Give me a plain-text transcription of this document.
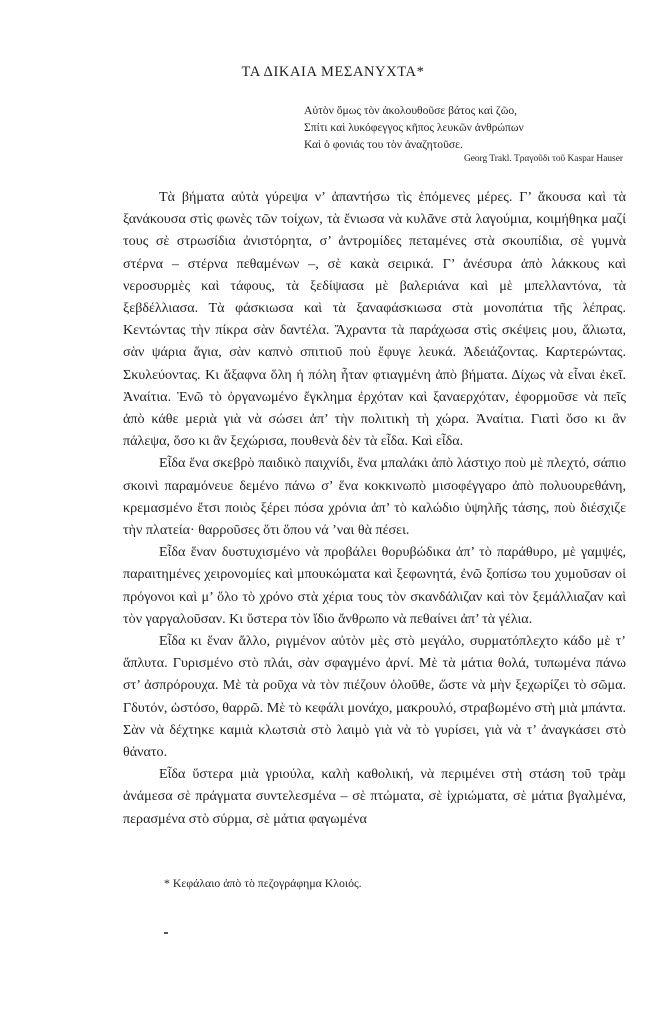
ΤΑ ΔΙΚΑΙΑ ΜΕΣΑΝΥΧΤΑ*
Αὐτὸν ὅμως τὸν ἀκολουθοῦσε βάτος καὶ ζῶο,
Σπίτι καὶ λυκόφεγγος κῆπος λευκῶν ἀνθρώπων
Καὶ ὁ φονιάς του τὸν ἀναζητοῦσε.
Georg Trakl. Τραγοῦδι τοῦ Kaspar Hauser

Τὰ βήματα αὐτὰ γύρεψα ν’ ἀπαντήσω τὶς ἑπόμενες μέρες. Γ’ ἄκουσα καὶ τὰ ξανάκουσα στὶς φωνὲς τῶν τοίχων, τὰ ἔνιωσα νὰ κυλᾶνε στὰ λαγούμια, κοιμήθηκα μαζί τους σὲ στρωσίδια ἀνιστόρητα, σ’ ἀντρομίδες πεταμένες στὰ σκουπίδια, σὲ γυμνὰ στέρνα – στέρνα πεθαμένων –, σὲ κακὰ σειρικά. Γ’ ἀνέσυρα ἀπὸ λάκκους καὶ νεροσυρμὲς καὶ τάφους, τὰ ξεδίψασα μὲ βαλεριάνα καὶ μὲ μπελλαντόνα, τὰ ξεβδέλλιασα. Τὰ φάσκιωσα καὶ τὰ ξαναφάσκιωσα στὰ μονοπάτια τῆς λέπρας. Κεντώντας τὴν πίκρα σὰν δαντέλα. Ἄχραντα τὰ παράχωσα στὶς σκέψεις μου, ἅλιωτα, σὰν ψάρια ἅγια, σὰν καπνὸ σπιτιοῦ ποὺ ἔφυγε λευκά. Ἀδειάζοντας. Καρτερώντας. Σκυλεύοντας. Κι ἄξαφνα ὅλη ἡ πόλη ἦταν φτιαγμένη ἀπὸ βήματα. Δίχως νὰ εἶναι ἐκεῖ. Ἀναίτια. Ἐνῶ τὸ ὀργανωμένο ἔγκλημα ἐρχόταν καὶ ξαναερχόταν, ἐφορμοῦσε νὰ πεῖς ἀπὸ κάθε μεριὰ γιὰ νὰ σώσει ἀπ’ τὴν πολιτικὴ τὴ χώρα. Ἀναίτια. Γιατὶ ὅσο κι ἂν πάλεψα, ὅσο κι ἂν ξεχώρισα, πουθενὰ δὲν τὰ εἶδα. Καὶ εἶδα.

Εἶδα ἕνα σκεβρὸ παιδικὸ παιχνίδι, ἕνα μπαλάκι ἀπὸ λάστιχο ποὺ μὲ πλεχτό, σάπιο σκοινὶ παραμόνευε δεμένο πάνω σ’ ἕνα κοκκινωπὸ μισοφέγγαρο ἀπὸ πολυουρεθάνη, κρεμασμένο ἔτσι ποιὸς ξέρει πόσα χρόνια ἀπ’ τὸ καλώδιο ὑψηλῆς τάσης, ποὺ διέσχιζε τὴν πλατεία· θαρροῦσες ὅτι ὅπου νά ’ναι θὰ πέσει.

Εἶδα ἕναν δυστυχισμένο νὰ προβάλει θορυβώδικα ἀπ’ τὸ παράθυρο, μὲ γαμψές, παραιτημένες χειρονομίες καὶ μπουκώματα καὶ ξεφωνητά, ἐνῶ ξοπίσω του χυμοῦσαν οἱ πρόγονοι καὶ μ’ ὅλο τὸ χρόνο στὰ χέρια τους τὸν σκανδάλιζαν καὶ τὸν ξεμάλλιαζαν καὶ τὸν γαργαλοῦσαν. Κι ὕστερα τὸν ἴδιο ἄνθρωπο νὰ πεθαίνει ἀπ’ τὰ γέλια.

Εἶδα κι ἕναν ἄλλο, ριγμένον αὐτὸν μὲς στὸ μεγάλο, συρματόπλεχτο κάδο μὲ τ’ ἄπλυτα. Γυρισμένο στὸ πλάι, σὰν σφαγμένο ἀρνί. Μὲ τὰ μάτια θολά, τυπωμένα πάνω στ’ ἀσπρόρουχα. Μὲ τὰ ροῦχα νὰ τὸν πιέζουν ὁλοῦθε, ὥστε νὰ μὴν ξεχωρίζει τὸ σῶμα. Γδυτόν, ὡστόσο, θαρρῶ. Μὲ τὸ κεφάλι μονάχο, μακρουλό, στραβωμένο στὴ μιὰ μπάντα. Σὰν νὰ δέχτηκε καμιὰ κλωτσιὰ στὸ λαιμὸ γιὰ νὰ τὸ γυρίσει, γιὰ νὰ τ’ ἀναγκάσει στὸ θάνατο.

Εἶδα ὕστερα μιὰ γριούλα, καλὴ καθολική, νὰ περιμένει στὴ στάση τοῦ τρὰμ ἀνάμεσα σὲ πράγματα συντελεσμένα – σὲ πτώματα, σὲ ἰχριώματα, σὲ μάτια βγαλμένα, περασμένα στὸ σύρμα, σὲ μάτια φαγωμένα

* Κεφάλαιο ἀπὸ τὸ πεζογράφημα Κλοιός.
